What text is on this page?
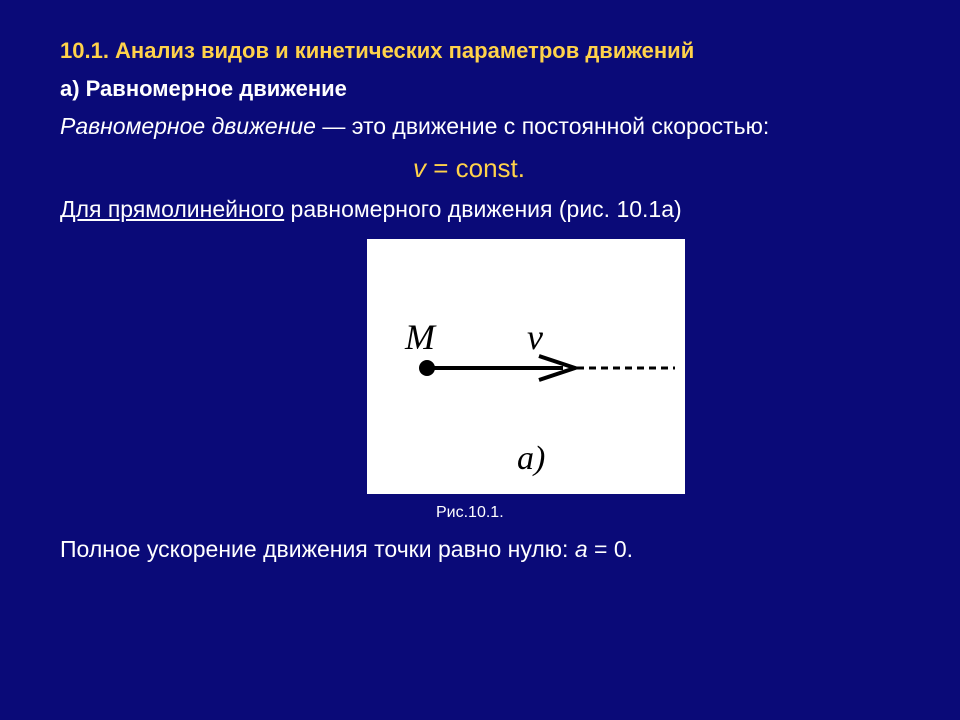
10.1. Анализ видов и кинетических параметров движений
а) Равномерное движение
Равномерное движение — это движение с постоянной скоростью:
v = const.
Для прямолинейного равномерного движения (рис. 10.1а)
M	v
a)
Рис.10.1.
Полное ускорение движения точки равно нулю: а = 0.
